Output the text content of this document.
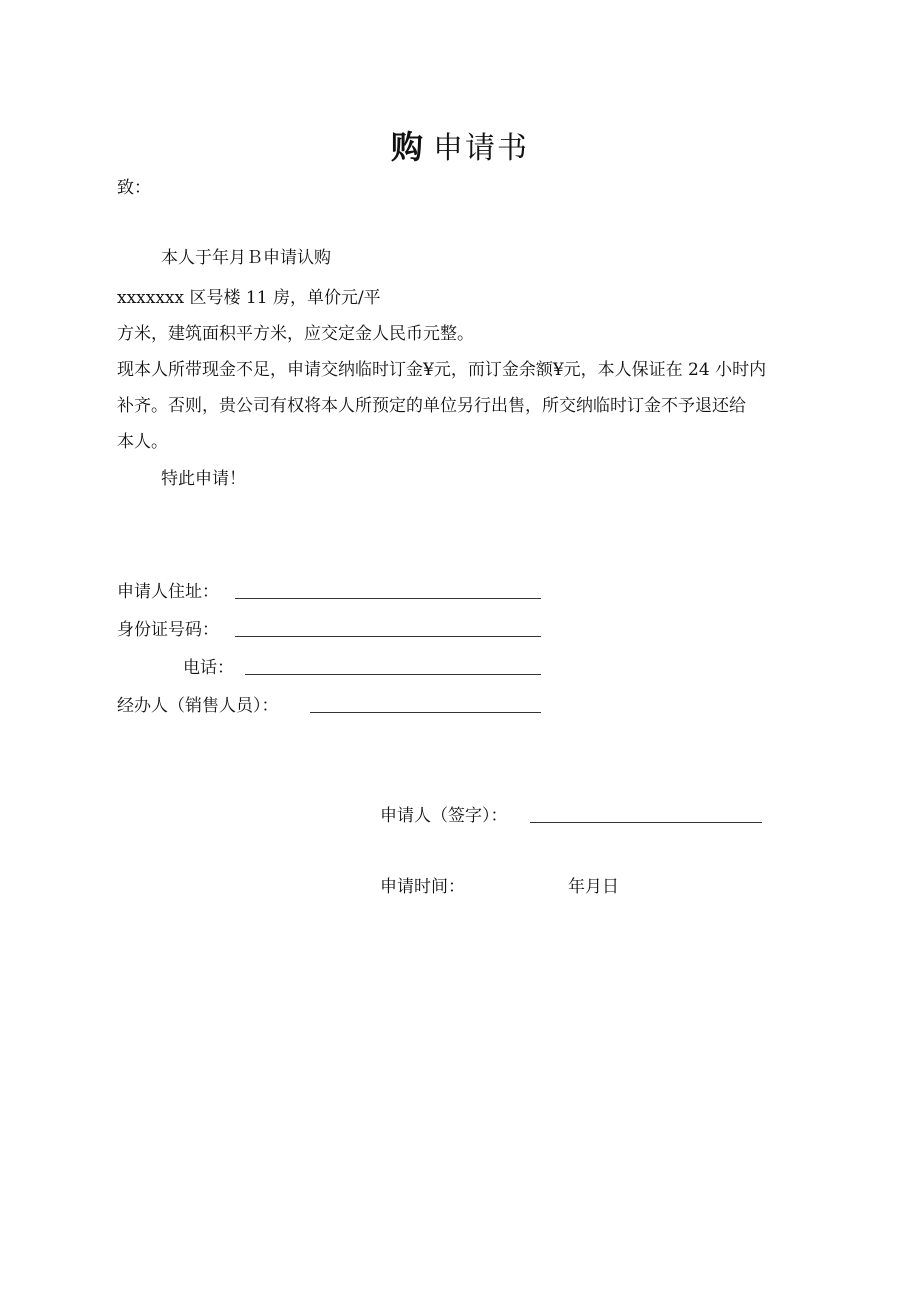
购 申请书
致：
本人于年月Ｂ申请认购
xxxxxxx 区号楼 11 房，单价元/平
方米，建筑面积平方米，应交定金人民币元整。
现本人所带现金不足，申请交纳临时订金¥元，而订金余额¥元，本人保证在 24 小时内
补齐。否则，贵公司有权将本人所预定的单位另行出售，所交纳临时订金不予退还给
本人。
特此申请！
申请人住址：
身份证号码：
电话：
经办人（销售人员）：
申请人（签字）：
申请时间：	年月日
